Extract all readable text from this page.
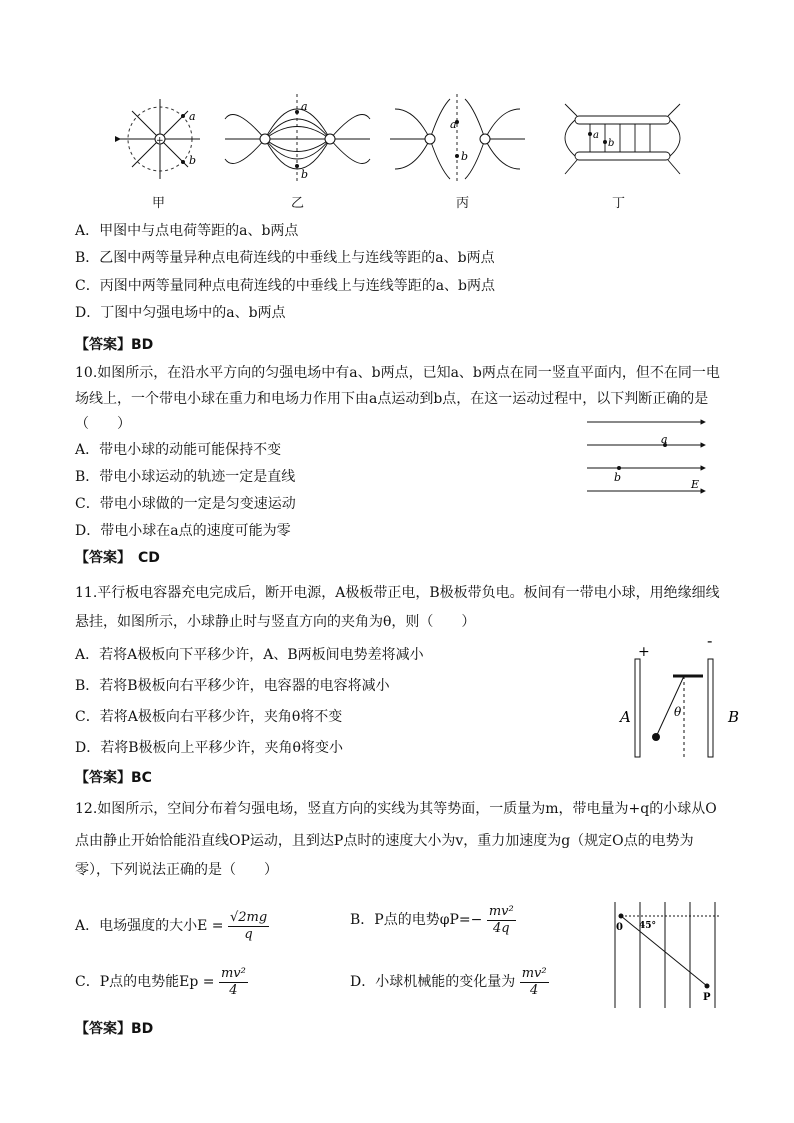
+
a
b
a
b
a
b
a
b
甲	乙	丙	丁
A．甲图中与点电荷等距的a、b两点
B．乙图中两等量异种点电荷连线的中垂线上与连线等距的a、b两点
C．丙图中两等量同种点电荷连线的中垂线上与连线等距的a、b两点
D．丁图中匀强电场中的a、b两点
【答案】BD
10.如图所示，在沿水平方向的匀强电场中有a、b两点，已知a、b两点在同一竖直平面内，但不在同一电
场线上，一个带电小球在重力和电场力作用下由a点运动到b点，在这一运动过程中，以下判断正确的是
（　　）
A．带电小球的动能可能保持不变
B．带电小球运动的轨迹一定是直线
C．带电小球做的一定是匀变速运动
D．带电小球在a点的速度可能为零
【答案】　CD
a
b
E
11.平行板电容器充电完成后，断开电源，A极板带正电，B极板带负电。板间有一带电小球，用绝缘细线
悬挂，如图所示，小球静止时与竖直方向的夹角为θ，则（　　）
A．若将A极板向下平移少许，A、B两板间电势差将减小
B．若将B极板向右平移少许，电容器的电容将减小
C．若将A极板向右平移少许，夹角θ将不变
D．若将B极板向上平移少许，夹角θ将变小
【答案】BC
+
-
A	B
θ
12.如图所示，空间分布着匀强电场，竖直方向的实线为其等势面，一质量为m，带电量为+q的小球从O
点由静止开始恰能沿直线OP运动，且到达P点时的速度大小为v，重力加速度为g（规定O点的电势为
零），下列说法正确的是（　　）
A．电场强度的大小$E = \frac{√2mg}{q}$	B．P点的电势$\varphi P=- \frac{\text{mv²}}{4q}$
C．P点的电势能$Ep = \frac{\text{mv²}}{4}$	D．小球机械能的变化量为 $\frac{\text{mv²}}{4}$
【答案】BD
0
P
45°
